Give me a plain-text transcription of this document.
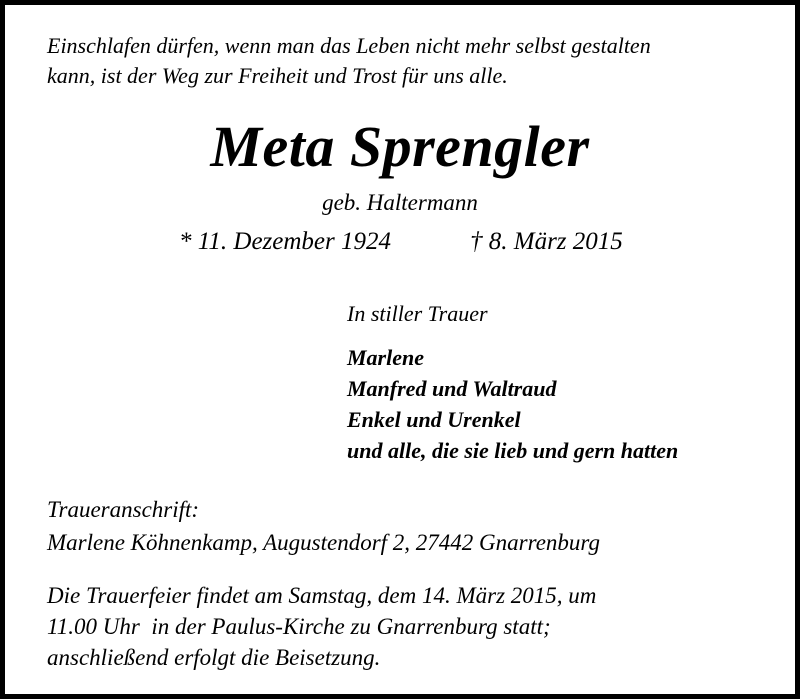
Einschlafen dürfen, wenn man das Leben nicht mehr selbst gestalten
kann, ist der Weg zur Freiheit und Trost für uns alle.
Meta Sprengler
geb. Haltermann
* 11. Dezember 1924	† 8. März 2015
In stiller Trauer
Marlene
Manfred und Waltraud
Enkel und Urenkel
und alle, die sie lieb und gern hatten
Traueranschrift:
Marlene Köhnenkamp, Augustendorf 2, 27442 Gnarrenburg
Die Trauerfeier findet am Samstag, dem 14. März 2015, um
11.00 Uhr  in der Paulus-Kirche zu Gnarrenburg statt;
anschließend erfolgt die Beisetzung.
